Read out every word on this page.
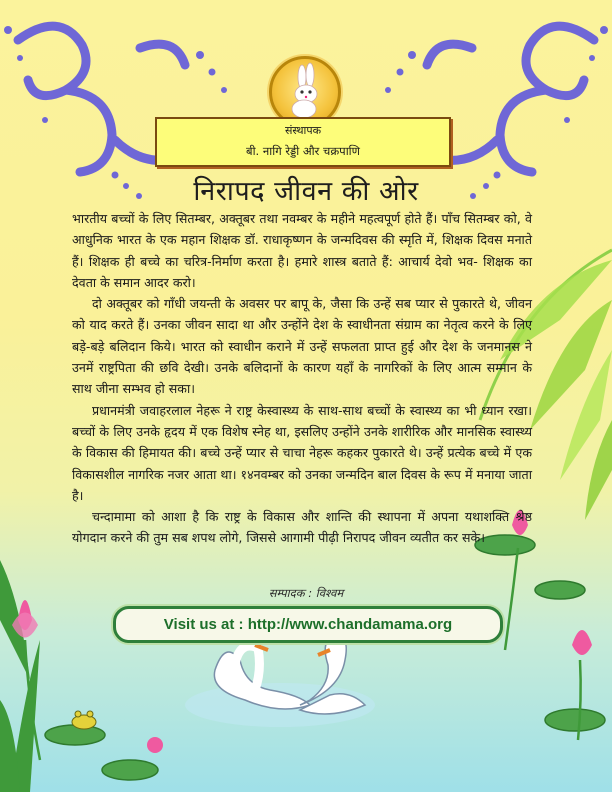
संस्थापक
बी. नागि रेड्डी और चक्रपाणि
निरापद जीवन की ओर

भारतीय बच्चों के लिए सितम्बर, अक्तूबर तथा नवम्बर के महीने महत्वपूर्ण होते हैं। पाँच सितम्बर को, वे आधुनिक भारत के एक महान शिक्षक डॉ. राधाकृष्णन के जन्मदिवस की स्मृति में, शिक्षक दिवस मनाते हैं। शिक्षक ही बच्चे का चरित्र-निर्माण करता है। हमारे शास्त्र बताते हैं: आचार्य देवो भव- शिक्षक का देवता के समान आदर करो।

दो अक्तूबर को गाँधी जयन्ती के अवसर पर बापू के, जैसा कि उन्हें सब प्यार से पुकारते थे, जीवन को याद करते हैं। उनका जीवन सादा था और उन्होंने देश के स्वाधीनता संग्राम का नेतृत्व करने के लिए बड़े-बड़े बलिदान किये। भारत को स्वाधीन कराने में उन्हें सफलता प्राप्त हुई और देश के जनमानस ने उनमें राष्ट्रपिता की छवि देखी। उनके बलिदानों के कारण यहाँ के नागरिकों के लिए आत्म सम्मान के साथ जीना सम्भव हो सका।

प्रधानमंत्री जवाहरलाल नेहरू ने राष्ट्र केस्वास्थ्य के साथ-साथ बच्चों के स्वास्थ्य का भी ध्यान रखा। बच्चों के लिए उनके हृदय में एक विशेष स्नेह था, इसलिए उन्होंने उनके शारीरिक और मानसिक स्वास्थ्य के विकास की हिमायत की। बच्चे उन्हें प्यार से चाचा नेहरू कहकर पुकारते थे। उन्हें प्रत्येक बच्चे में एक विकासशील नागरिक नजर आता था। १४नवम्बर को उनका जन्मदिन बाल दिवस के रूप में मनाया जाता है।

चन्दामामा को आशा है कि राष्ट्र के विकास और शान्ति की स्थापना में अपना यथाशक्ति श्रेष्ठ योगदान करने की तुम सब शपथ लोगे, जिससे आगामी पीढ़ी निरापद जीवन व्यतीत कर सके।

सम्पादक : विश्वम
Visit us at : http://www.chandamama.org
